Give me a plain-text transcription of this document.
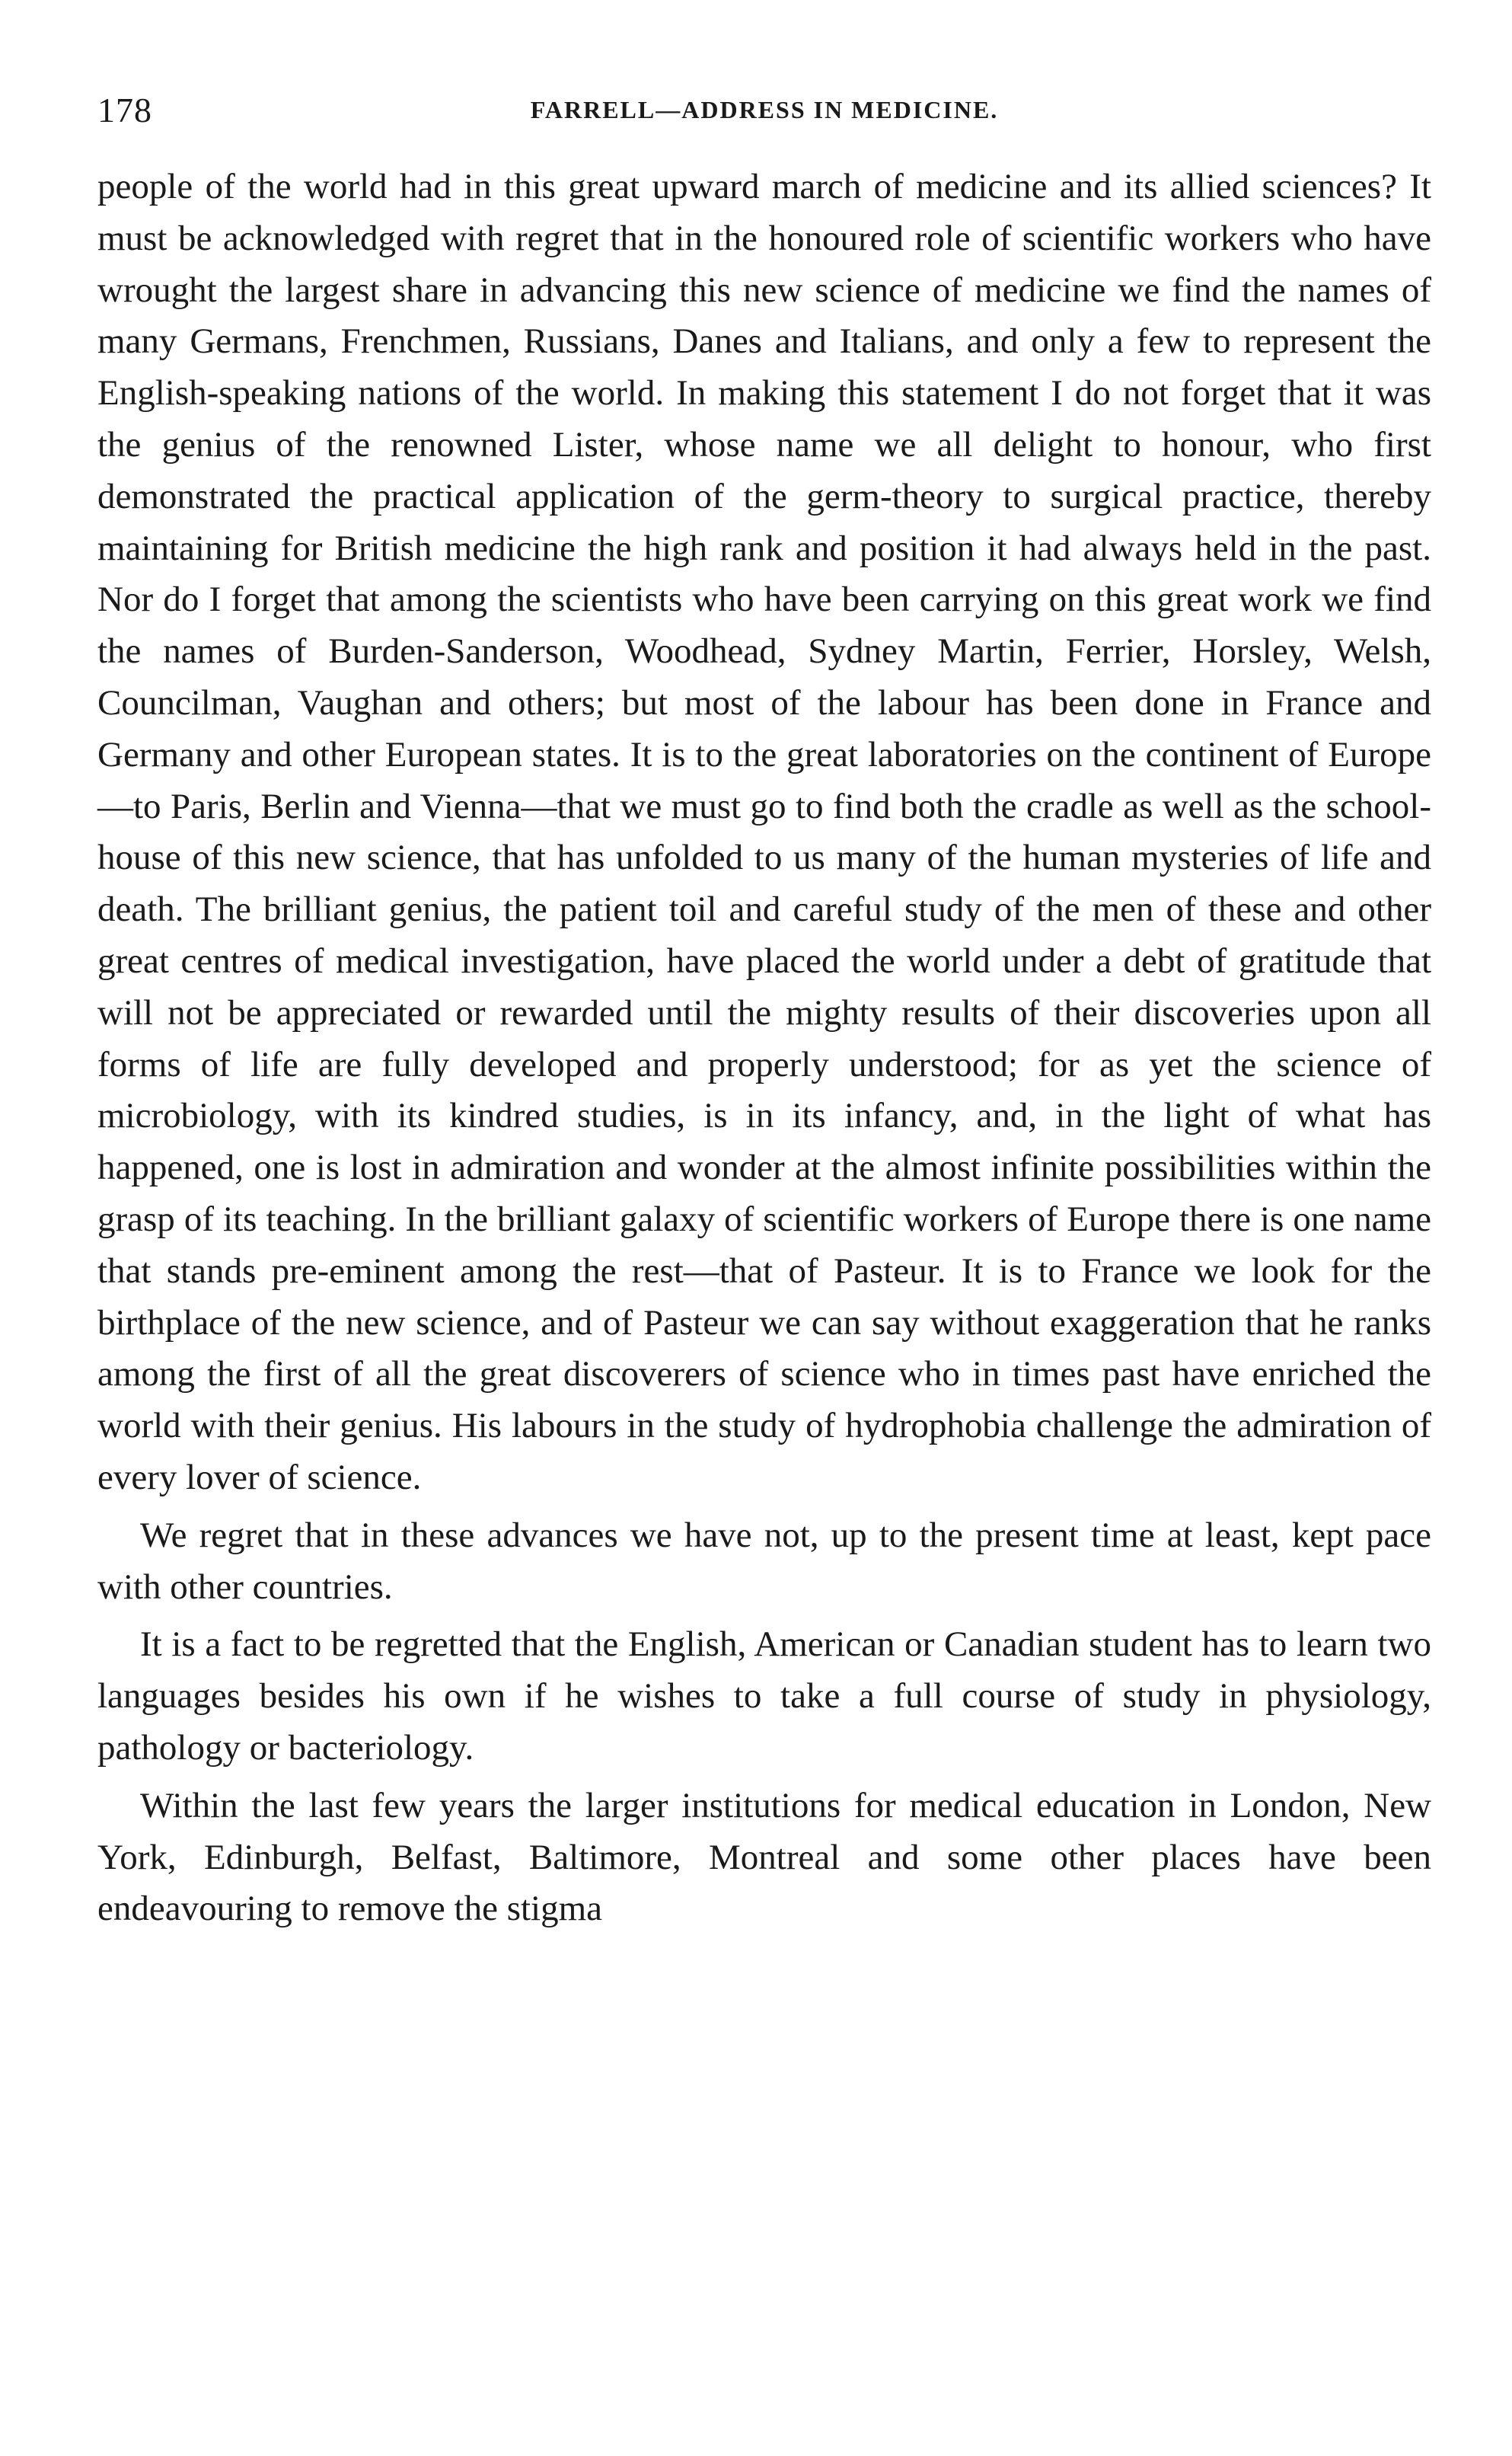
178	FARRELL—ADDRESS IN MEDICINE.

people of the world had in this great upward march of medicine and its allied sciences? It must be acknowledged with regret that in the honoured role of scientific workers who have wrought the largest share in advancing this new science of medicine we find the names of many Germans, Frenchmen, Russians, Danes and Italians, and only a few to represent the English-speaking nations of the world. In making this statement I do not forget that it was the genius of the renowned Lister, whose name we all delight to honour, who first demonstrated the practical application of the germ-theory to surgical practice, thereby maintaining for British medicine the high rank and position it had always held in the past. Nor do I forget that among the scientists who have been carrying on this great work we find the names of Burden-Sanderson, Woodhead, Sydney Martin, Ferrier, Horsley, Welsh, Councilman, Vaughan and others; but most of the labour has been done in France and Germany and other European states. It is to the great laboratories on the continent of Europe—to Paris, Berlin and Vienna—that we must go to find both the cradle as well as the school-house of this new science, that has unfolded to us many of the human mysteries of life and death. The brilliant genius, the patient toil and careful study of the men of these and other great centres of medical investigation, have placed the world under a debt of gratitude that will not be appreciated or rewarded until the mighty results of their discoveries upon all forms of life are fully developed and properly understood; for as yet the science of microbiology, with its kindred studies, is in its infancy, and, in the light of what has happened, one is lost in admiration and wonder at the almost infinite possibilities within the grasp of its teaching. In the brilliant galaxy of scientific workers of Europe there is one name that stands pre-eminent among the rest—that of Pasteur. It is to France we look for the birthplace of the new science, and of Pasteur we can say without exaggeration that he ranks among the first of all the great discoverers of science who in times past have enriched the world with their genius. His labours in the study of hydrophobia challenge the admiration of every lover of science.

We regret that in these advances we have not, up to the present time at least, kept pace with other countries.

It is a fact to be regretted that the English, American or Canadian student has to learn two languages besides his own if he wishes to take a full course of study in physiology, pathology or bacteriology.

Within the last few years the larger institutions for medical education in London, New York, Edinburgh, Belfast, Baltimore, Montreal and some other places have been endeavouring to remove the stigma
